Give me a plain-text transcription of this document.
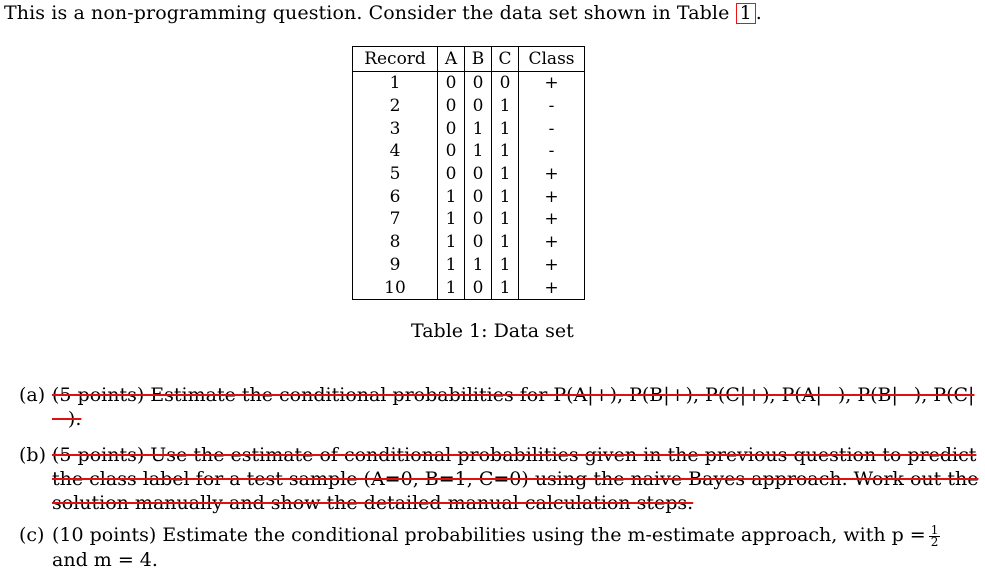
This is a non-programming question. Consider the data set shown in Table 1 .
Record	A	B	C	Class
1	0	0	0	+
2	0	0	1	-
3	0	1	1	-
4	0	1	1	-
5	0	0	1	+
6	1	0	1	+
7	1	0	1	+
8	1	0	1	+
9	1	1	1	+
10	1	0	1	+
Table 1: Data set
(a) (5 points) Estimate the conditional probabilities for P(A|+), P(B|+), P(C|+), P(A|−), P(B|−), P(C|−).
(b) (5 points) Use the estimate of conditional probabilities given in the previous question to predict the class label for a test sample (A=0, B=1, C=0) using the naive Bayes approach. Work out the solution manually and show the detailed manual calculation steps.
(c) (10 points) Estimate the conditional probabilities using the m-estimate approach, with $p = \frac{1}{2}$
and m = 4.
